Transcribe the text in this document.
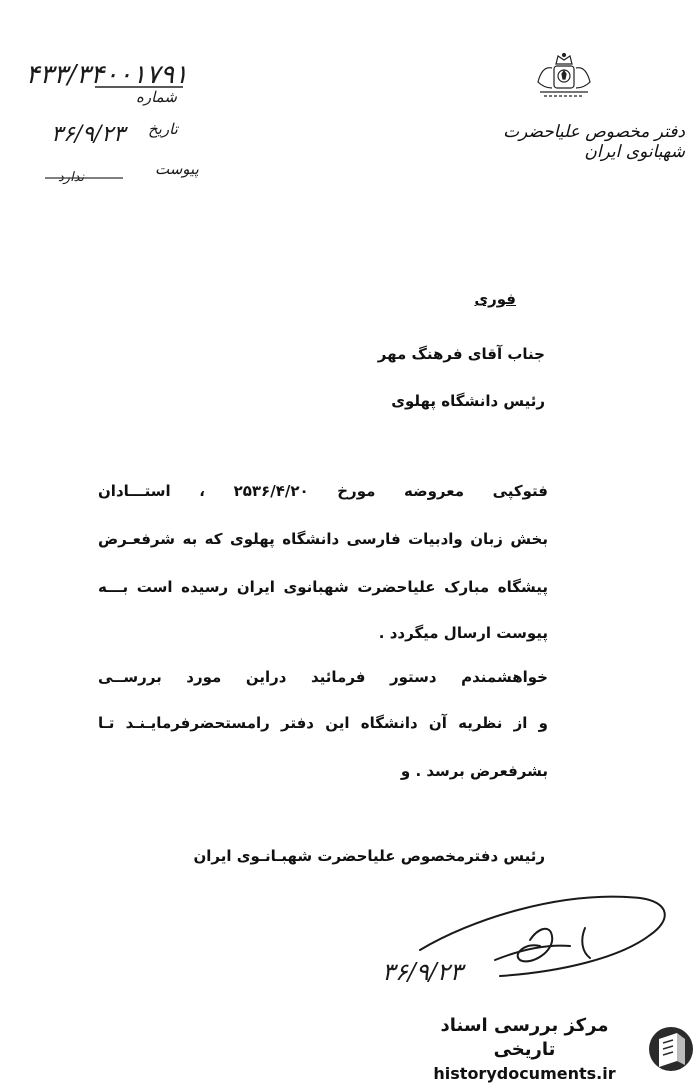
۴۳۳/۳۴۰۰۱۷۹۱
شماره
۳۶/۹/۲۳ تاریخ
پیوست
ندارد
دفتر مخصوص علیاحضرت شهبانوی ایران
فوری
جناب آقای فرهنگ مهر
رئیس دانشگاه پهلوی
فتوکپی معروضه مورخ ۲۵۳۶/۴/۲۰ ، استـــادان
بخش زبان وادبیات فارسی دانشگاه پهلوی که به شرفعـرض
پیشگاه مبارک علیاحضرت شهبانوی ایران رسیده است بـــه
پیوست ارسال میگردد .
خواهشمندم دستور فرمائید دراین مورد بررســی
و از نظریه آن دانشگاه این دفتر رامستحضرفرمایـنـد تـا
بشرفعرض برسد . و
رئیس دفترمخصوص علیاحضرت شهبـانـوی ایران
۳۶/۹/۲۳
مرکز بررسی اسناد تاریخی
historydocuments.ir
